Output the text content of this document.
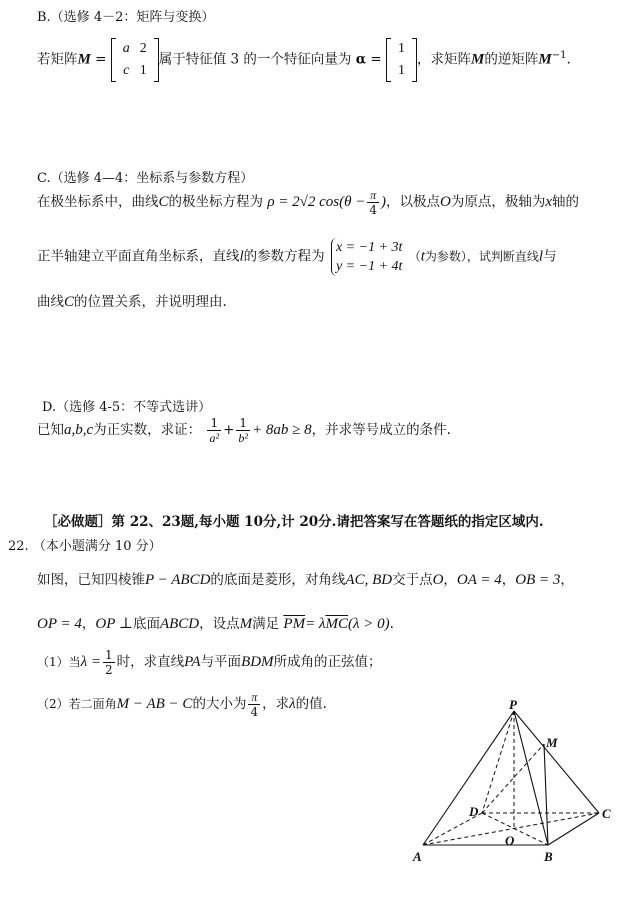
B.（选修 4－2：矩阵与变换）
若矩阵M =
a	2
c	1
属于特征值 3 的一个特征向量为 α =
1
1
，求矩阵M的逆矩阵$M^{-1}$.
C.（选修 4—4：坐标系与参数方程）
在极坐标系中，曲线C的极坐标方程为 ρ = 2√2 $\cos(\theta - \frac{\pi}{4}$ )，以极点O为原点，极轴为x轴的
正半轴建立平面直角坐标系，直线l的参数方程为
x = −1 + 3t
y = −1 + 4t
（t为参数），试判断直线l与
曲线C的位置关系，并说明理由.
D.（选修 4-5：不等式选讲）
已知a,b,c为正实数，求证： $\frac{1}{\text{a²}} + \frac{1}{\text{b²}} + 8ab \ge 8$，并求等号成立的条件.
［必做题］第 22、23题,每小题 10分,计 20分.请把答案写在答题纸的指定区域内.
22. （本小题满分 10 分）
如图，已知四棱锥P − ABCD的底面是菱形，对角线AC, BD交于点O，OA = 4，OB = 3，
OP = 4，OP ⊥底面ABCD，设点M满足 $\overline{PM}= \lambda\overline{MC}(\lambda > 0)$.
（1）当$\lambda = \frac{1}{2}$ 时，求直线PA与平面BDM所成角的正弦值；
（2）若二面角M − AB − C的大小为 $\frac{\pi}{4}$ ，求λ的值.	P
M
D	C
O
A	B
